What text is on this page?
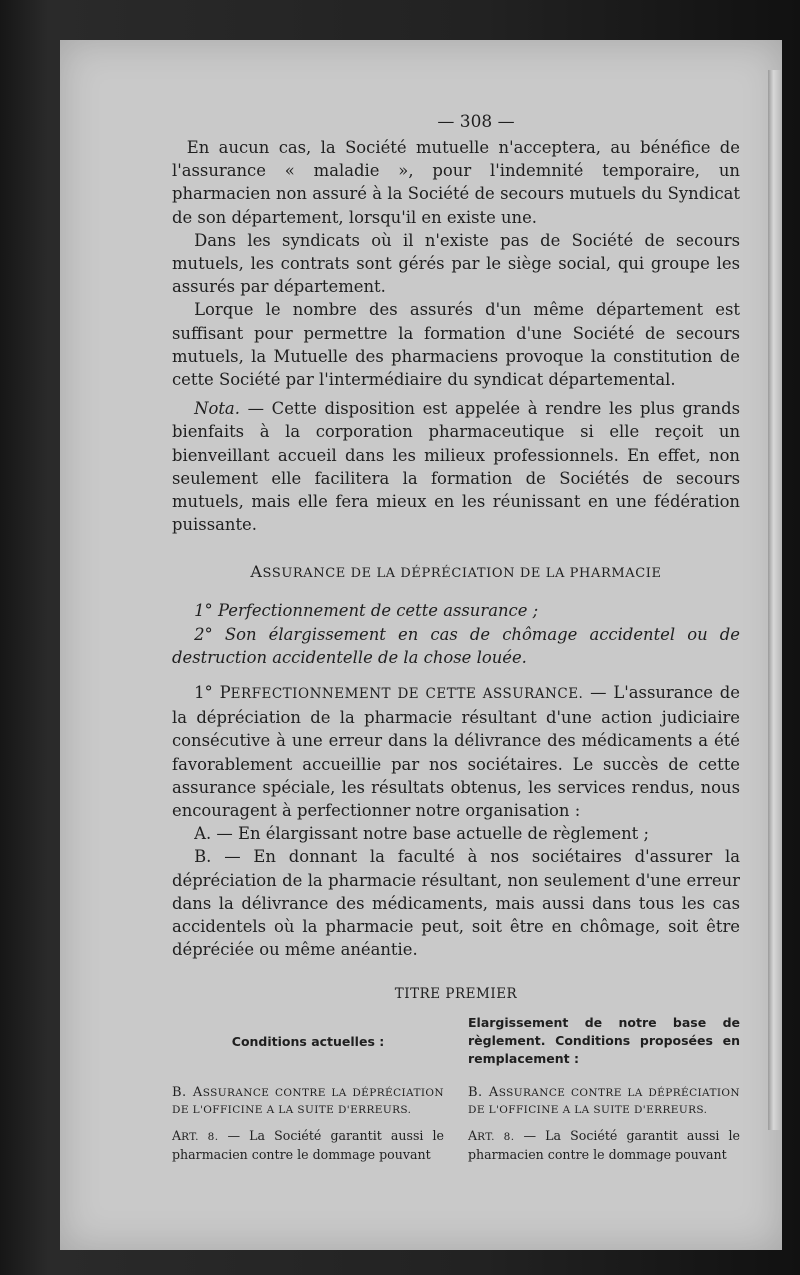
— 308 —

En aucun cas, la Société mutuelle n'acceptera, au bénéfice de l'assurance « maladie », pour l'indemnité temporaire, un pharmacien non assuré à la Société de secours mutuels du Syndicat de son département, lorsqu'il en existe une.

Dans les syndicats où il n'existe pas de Société de secours mutuels, les contrats sont gérés par le siège social, qui groupe les assurés par département.

Lorque le nombre des assurés d'un même département est suffisant pour permettre la formation d'une Société de secours mutuels, la Mutuelle des pharmaciens provoque la constitution de cette Société par l'intermédiaire du syndicat départemental.

Nota. — Cette disposition est appelée à rendre les plus grands bienfaits à la corporation pharmaceutique si elle reçoit un bienveillant accueil dans les milieux professionnels. En effet, non seulement elle facilitera la formation de Sociétés de secours mutuels, mais elle fera mieux en les réunissant en une fédération puissante.

ASSURANCE DE LA DÉPRÉCIATION DE LA PHARMACIE

1° Perfectionnement de cette assurance ;

2° Son élargissement en cas de chômage accidentel ou de destruction accidentelle de la chose louée.

1° PERFECTIONNEMENT DE CETTE ASSURANCE. — L'assurance de la dépréciation de la pharmacie résultant d'une action judiciaire consécutive à une erreur dans la délivrance des médicaments a été favorablement accueillie par nos sociétaires. Le succès de cette assurance spéciale, les résultats obtenus, les services rendus, nous encouragent à perfectionner notre organisation :

A. — En élargissant notre base actuelle de règlement ;

B. — En donnant la faculté à nos sociétaires d'assurer la dépréciation de la pharmacie résultant, non seulement d'une erreur dans la délivrance des médicaments, mais aussi dans tous les cas accidentels où la pharmacie peut, soit être en chômage, soit être dépréciée ou même anéantie.

TITRE PREMIER
Conditions actuelles :
B. ASSURANCE CONTRE LA DÉPRÉCIATION DE L'OFFICINE A LA SUITE D'ERREURS.
ART. 8. — La Société garantit aussi le pharmacien contre le dommage pouvant
Elargissement de notre base de règlement. Conditions proposées en remplacement :
B. ASSURANCE CONTRE LA DÉPRÉCIATION DE L'OFFICINE A LA SUITE D'ERREURS.
ART. 8. — La Société garantit aussi le pharmacien contre le dommage pouvant
